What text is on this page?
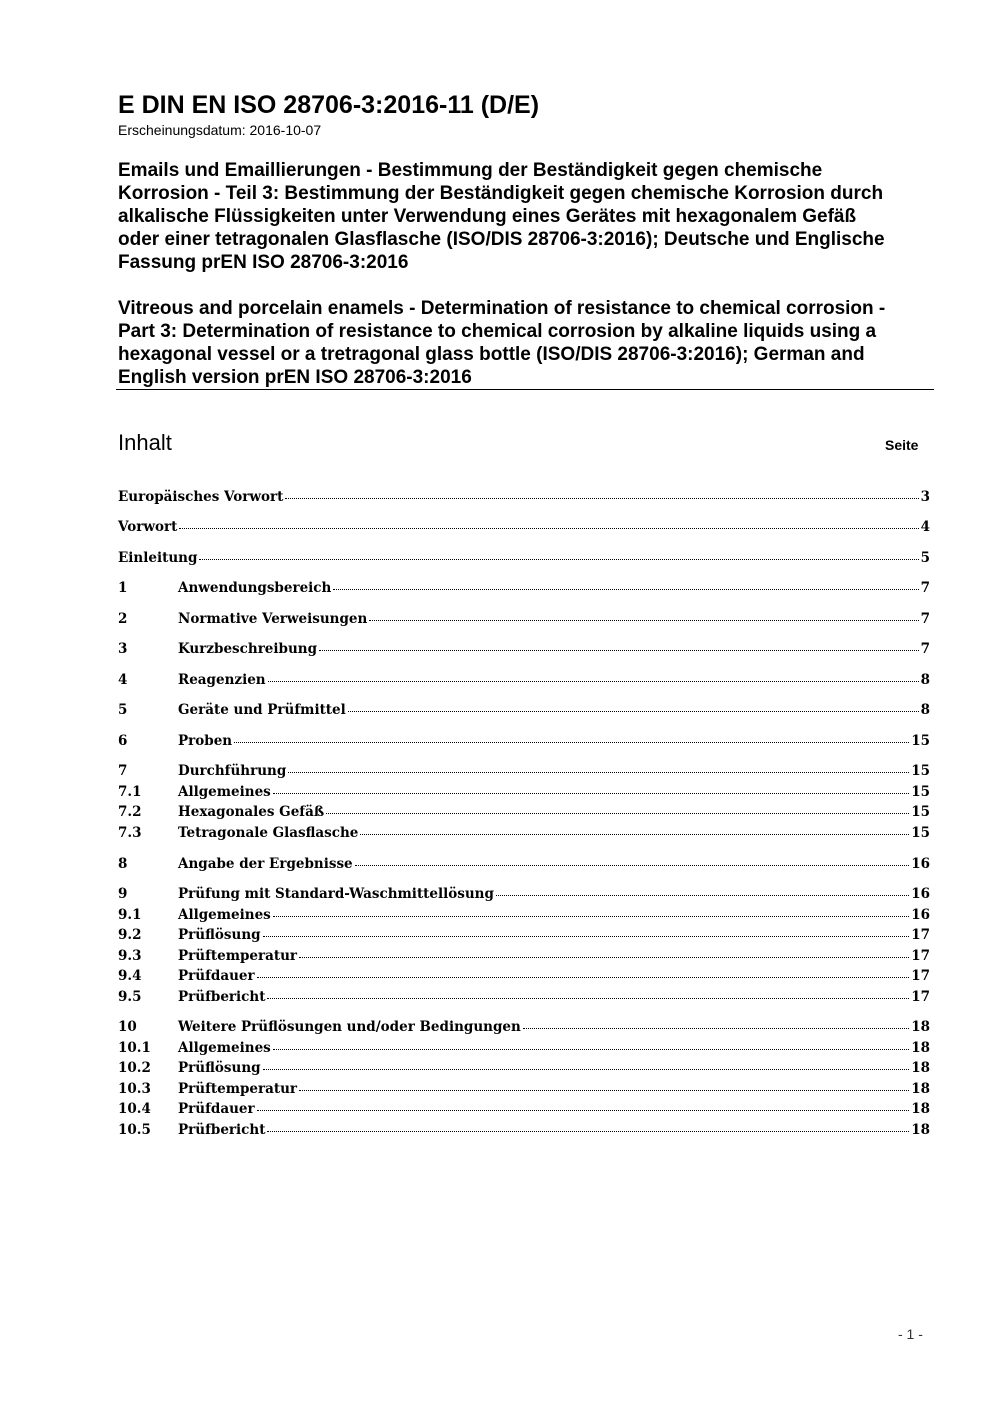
E DIN EN ISO 28706-3:2016-11 (D/E)
Erscheinungsdatum: 2016-10-07
Emails und Emaillierungen - Bestimmung der Beständigkeit gegen chemische
Korrosion - Teil 3: Bestimmung der Beständigkeit gegen chemische Korrosion durch
alkalische Flüssigkeiten unter Verwendung eines Gerätes mit hexagonalem Gefäß
oder einer tetragonalen Glasflasche (ISO/DIS 28706-3:2016); Deutsche und Englische
Fassung prEN ISO 28706-3:2016
Vitreous and porcelain enamels - Determination of resistance to chemical corrosion -
Part 3: Determination of resistance to chemical corrosion by alkaline liquids using a
hexagonal vessel or a tretragonal glass bottle (ISO/DIS 28706-3:2016); German and
English version prEN ISO 28706-3:2016
Inhalt	Seite
Europäisches Vorwort	3
Vorwort	4
Einleitung	5
1	Anwendungsbereich	7
2	Normative Verweisungen	7
3	Kurzbeschreibung	7
4	Reagenzien	8
5	Geräte und Prüfmittel	8
6	Proben	15
7	Durchführung	15
7.1	Allgemeines	15
7.2	Hexagonales Gefäß	15
7.3	Tetragonale Glasflasche	15
8	Angabe der Ergebnisse	16
9	Prüfung mit Standard-Waschmittellösung	16
9.1	Allgemeines	16
9.2	Prüflösung	17
9.3	Prüftemperatur	17
9.4	Prüfdauer	17
9.5	Prüfbericht	17
10	Weitere Prüflösungen und/oder Bedingungen	18
10.1	Allgemeines	18
10.2	Prüflösung	18
10.3	Prüftemperatur	18
10.4	Prüfdauer	18
10.5	Prüfbericht	18
- 1 -
